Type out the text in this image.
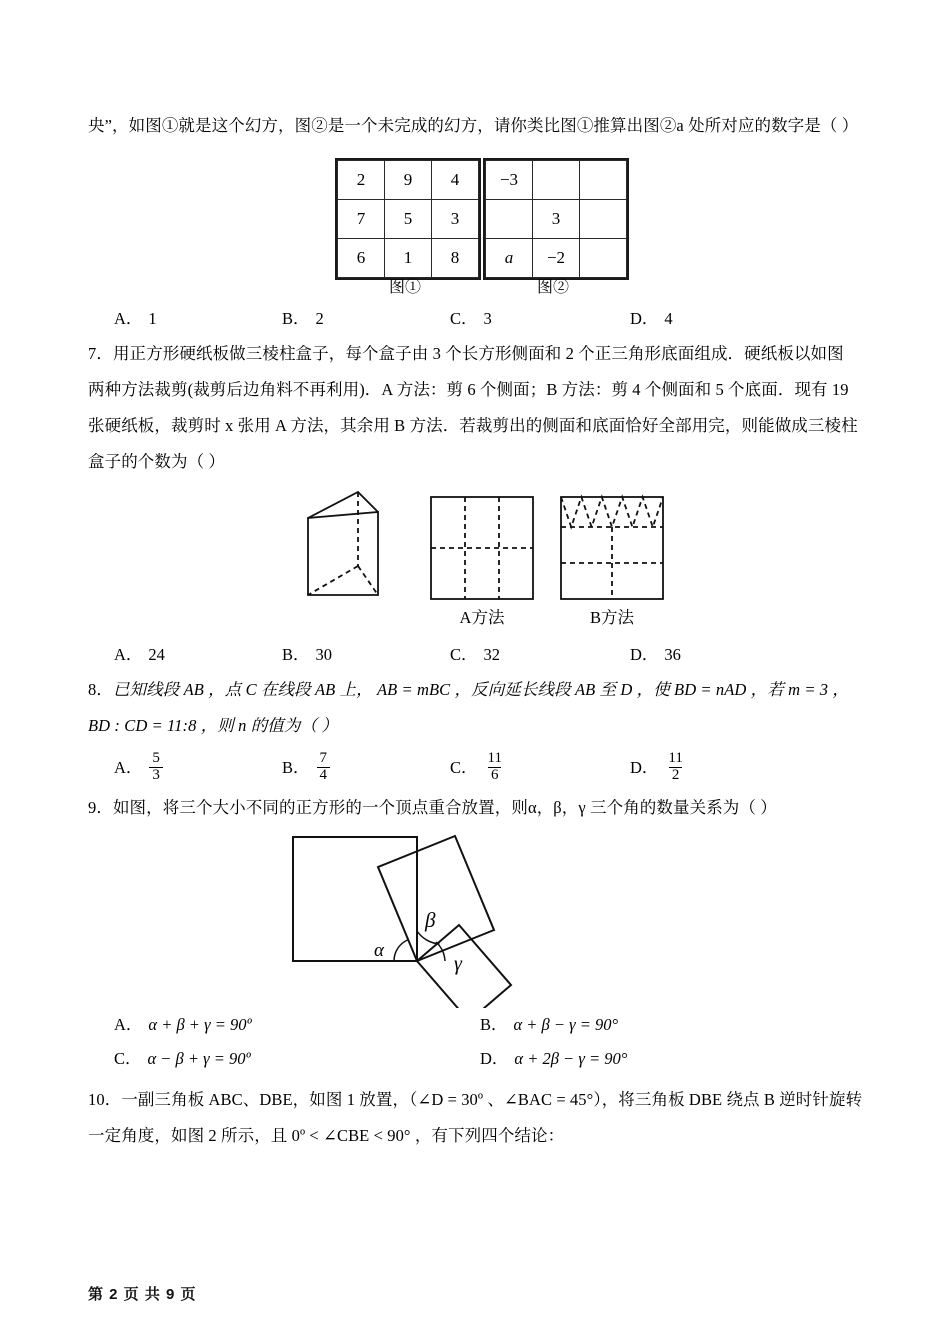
央”，如图①就是这个幻方，图②是一个未完成的幻方，请你类比图①推算出图②a 处所对应的数字是（ ）
2	9	4
7	5	3
6	1	8
−3		
	3	
a	−2	
图①	图②
A． 1	B． 2	C． 3	D． 4
7．用正方形硬纸板做三棱柱盒子，每个盒子由 3 个长方形侧面和 2 个正三角形底面组成．硬纸板以如图
两种方法裁剪(裁剪后边角料不再利用)．A 方法：剪 6 个侧面；B 方法：剪 4 个侧面和 5 个底面．现有 19
张硬纸板，裁剪时 x 张用 A 方法，其余用 B 方法．若裁剪出的侧面和底面恰好全部用完，则能做成三棱柱
盒子的个数为（ ）
A方法	B方法
A． 24	B． 30	C． 32	D． 36
8．已知线段 AB ，点 C 在线段 AB 上， AB = mBC ，反向延长线段 AB 至 D ，使 BD = nAD ，若 m = 3 ，
BD : CD = 11:8 ，则 n 的值为（ ）
A． $\frac{5}{3}$	B． $\frac{7}{4}$	C． $\frac{11}{6}$	D． $\frac{11}{2}$
9．如图，将三个大小不同的正方形的一个顶点重合放置，则α，β，γ 三个角的数量关系为（ ）
α
β
γ
A． α + β + γ = 90º	B． α + β − γ = 90°
C． α − β + γ = 90º	D． α + 2β − γ = 90°
10．一副三角板 ABC、DBE，如图 1 放置，（∠D = 30º 、∠BAC = 45°），将三角板 DBE 绕点 B 逆时针旋转
一定角度，如图 2 所示，且 0º < ∠CBE < 90° ，有下列四个结论：
第 2 页 共 9 页
